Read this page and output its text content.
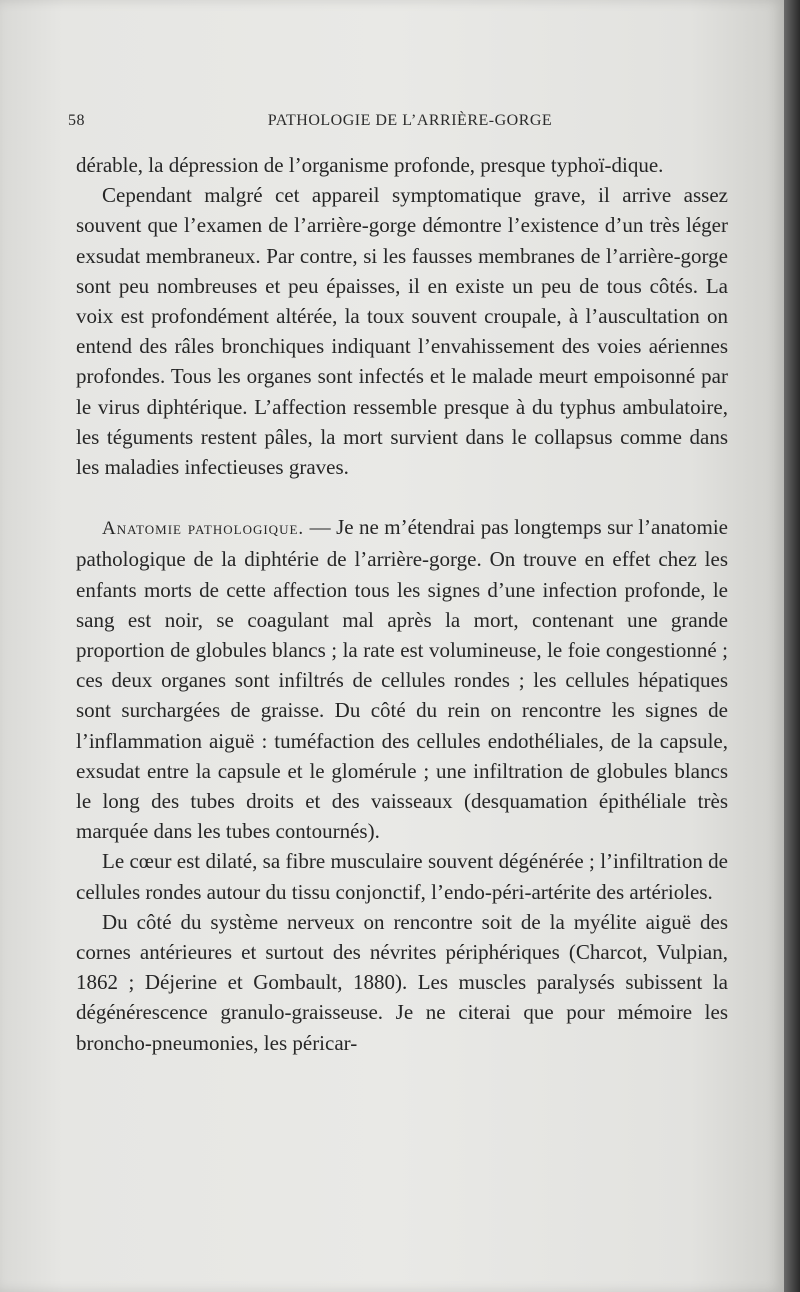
58	PATHOLOGIE DE L’ARRIÈRE-GORGE

dérable, la dépression de l’organisme profonde, presque typhoï-dique.

Cependant malgré cet appareil symptomatique grave, il arrive assez souvent que l’examen de l’arrière-gorge démontre l’existence d’un très léger exsudat membraneux. Par contre, si les fausses membranes de l’arrière-gorge sont peu nombreuses et peu épaisses, il en existe un peu de tous côtés. La voix est profondément altérée, la toux souvent croupale, à l’auscultation on entend des râles bronchiques indiquant l’envahissement des voies aériennes profondes. Tous les organes sont infectés et le malade meurt empoisonné par le virus diphtérique. L’affection ressemble presque à du typhus ambulatoire, les téguments restent pâles, la mort survient dans le collapsus comme dans les maladies infectieuses graves.

Anatomie pathologique. — Je ne m’étendrai pas longtemps sur l’anatomie pathologique de la diphtérie de l’arrière-gorge. On trouve en effet chez les enfants morts de cette affection tous les signes d’une infection profonde, le sang est noir, se coagulant mal après la mort, contenant une grande proportion de globules blancs ; la rate est volumineuse, le foie congestionné ; ces deux organes sont infiltrés de cellules rondes ; les cellules hépatiques sont surchargées de graisse. Du côté du rein on rencontre les signes de l’inflammation aiguë : tuméfaction des cellules endothéliales, de la capsule, exsudat entre la capsule et le glomérule ; une infiltration de globules blancs le long des tubes droits et des vaisseaux (desquamation épithéliale très marquée dans les tubes contournés).

Le cœur est dilaté, sa fibre musculaire souvent dégénérée ; l’infiltration de cellules rondes autour du tissu conjonctif, l’endo-péri-artérite des artérioles.

Du côté du système nerveux on rencontre soit de la myélite aiguë des cornes antérieures et surtout des névrites périphériques (Charcot, Vulpian, 1862 ; Déjerine et Gombault, 1880). Les muscles paralysés subissent la dégénérescence granulo-graisseuse. Je ne citerai que pour mémoire les broncho-pneumonies, les péricar-
